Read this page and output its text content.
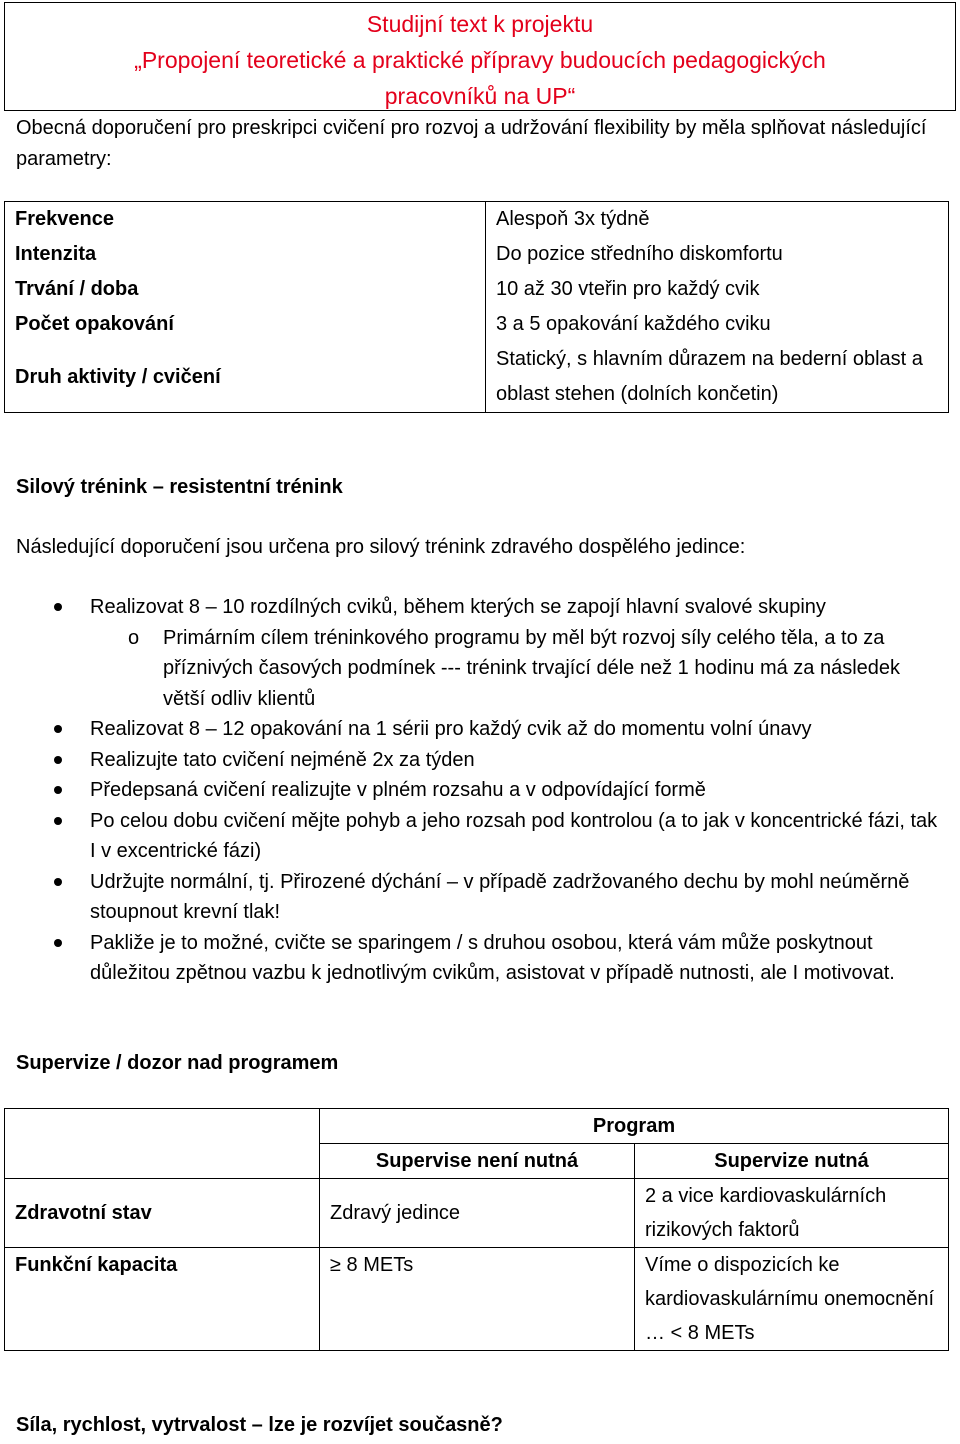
Studijní text k projektu
„Propojení teoretické a praktické přípravy budoucích pedagogických
pracovníků na UP“
Obecná doporučení pro preskripci cvičení pro rozvoj a udržování flexibility by měla splňovat následující parametry:
Frekvence		Alespoň 3x týdně
Intenzita		Do pozice středního diskomfortu
Trvání / doba		10 až 30 vteřin pro každý cvik
Počet opakování		3 a 5 opakování každého cviku
Druh aktivity / cvičení		Statický, s hlavním důrazem na bederní oblast a oblast stehen (dolních končetin)
Silový trénink – resistentní trénink
Následující doporučení jsou určena pro silový trénink zdravého dospělého jedince:
Realizovat 8 – 10 rozdílných cviků, během kterých se zapojí hlavní svalové skupiny
o Primárním cílem tréninkového programu by měl být rozvoj síly celého těla, a to za příznivých časových podmínek --- trénink trvající déle než 1 hodinu má za následek větší odliv klientů
Realizovat 8 – 12 opakování na 1 sérii pro každý cvik až do momentu volní únavy
Realizujte tato cvičení nejméně 2x za týden
Předepsaná cvičení realizujte v plném rozsahu a v odpovídající formě
Po celou dobu cvičení mějte pohyb a jeho rozsah pod kontrolou (a to jak v koncentrické fázi, tak I v excentrické fázi)
Udržujte normální, tj. Přirozené dýchání – v případě zadržovaného dechu by mohl neúměrně stoupnout krevní tlak!
Pakliže je to možné, cvičte se sparingem / s druhou osobou, která vám může poskytnout důležitou zpětnou vazbu k jednotlivým cvikům, asistovat v případě nutnosti, ale I motivovat.
Supervize / dozor nad programem
	Program	
	Supervise není nutná	Supervize nutná
Zdravotní stav	Zdravý jedince	2 a vice kardiovaskulárních rizikových faktorů
Funkční kapacita	≥ 8 METs	Víme o dispozicích ke kardiovaskulárnímu onemocnění … < 8 METs
Síla, rychlost, vytrvalost – lze je rozvíjet současně?
